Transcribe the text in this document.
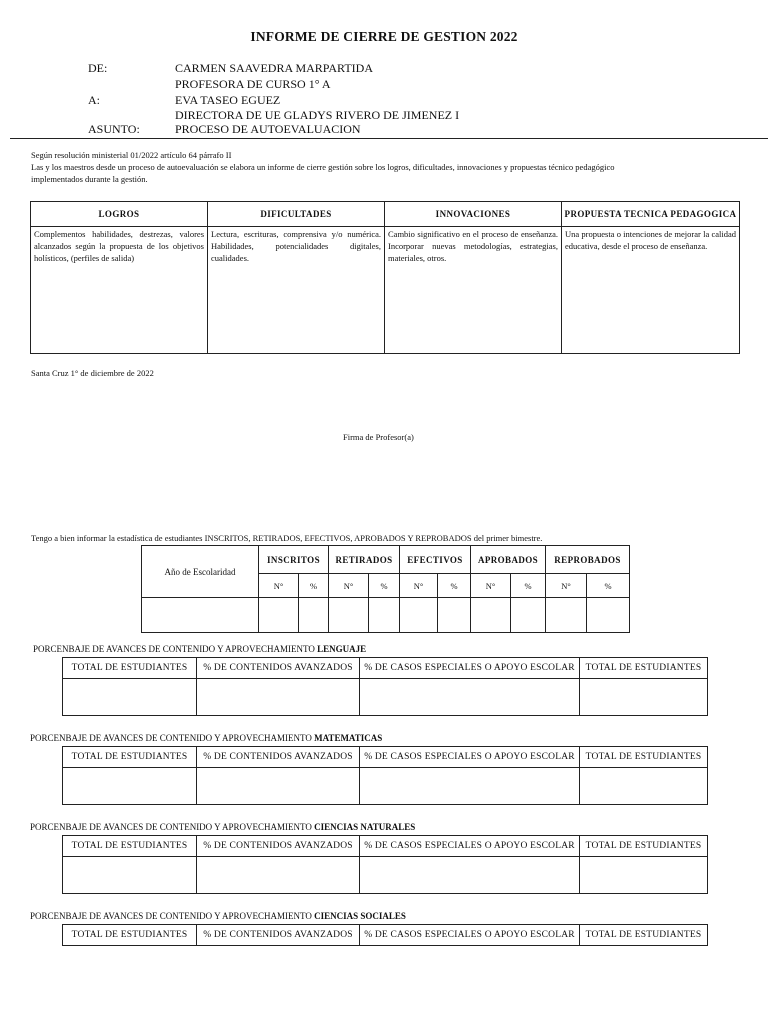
INFORME DE CIERRE DE GESTION 2022
DE:	CARMEN SAAVEDRA MARPARTIDA
PROFESORA DE CURSO 1° A
A:	EVA TASEO EGUEZ
DIRECTORA DE UE GLADYS RIVERO DE JIMENEZ I
ASUNTO:	PROCESO DE AUTOEVALUACION
Según resolución ministerial 01/2022 artículo 64 párrafo II
Las y los maestros desde un proceso de autoevaluación se elabora un informe de cierre gestión sobre los logros, dificultades, innovaciones y propuestas técnico pedagógico
implementados durante la gestión.
LOGROS	DIFICULTADES	INNOVACIONES	PROPUESTA TECNICA PEDAGOGICA
Complementos habilidades, destrezas, valores alcanzados según la propuesta de los objetivos holísticos, (perfiles de salida)	Lectura, escrituras, comprensiva y/o numérica. Habilidades, potencialidades digitales, cualidades.	Cambio significativo en el proceso de enseñanza. Incorporar nuevas metodologías, estrategias, materiales, otros.	Una propuesta o intenciones de mejorar la calidad educativa, desde el proceso de enseñanza.
Santa Cruz 1° de diciembre de 2022
Firma de Profesor(a)
Tengo a bien informar la estadística de estudiantes INSCRITOS, RETIRADOS, EFECTIVOS, APROBADOS Y REPROBADOS del primer bimestre.
Año de Escolaridad	INSCRITOS		RETIRADOS		EFECTIVOS		APROBADOS		REPROBADOS	
	N°	%	N°	%	N°	%	N°	%	N°	%

PORCENBAJE DE AVANCES DE CONTENIDO Y APROVECHAMIENTO LENGUAJE
TOTAL DE ESTUDIANTES	% DE CONTENIDOS AVANZADOS	% DE CASOS ESPECIALES O APOYO ESCOLAR	TOTAL DE ESTUDIANTES

PORCENBAJE DE AVANCES DE CONTENIDO Y APROVECHAMIENTO MATEMATICAS
TOTAL DE ESTUDIANTES	% DE CONTENIDOS AVANZADOS	% DE CASOS ESPECIALES O APOYO ESCOLAR	TOTAL DE ESTUDIANTES

PORCENBAJE DE AVANCES DE CONTENIDO Y APROVECHAMIENTO CIENCIAS NATURALES
TOTAL DE ESTUDIANTES	% DE CONTENIDOS AVANZADOS	% DE CASOS ESPECIALES O APOYO ESCOLAR	TOTAL DE ESTUDIANTES

PORCENBAJE DE AVANCES DE CONTENIDO Y APROVECHAMIENTO CIENCIAS SOCIALES
TOTAL DE ESTUDIANTES	% DE CONTENIDOS AVANZADOS	% DE CASOS ESPECIALES O APOYO ESCOLAR	TOTAL DE ESTUDIANTES
